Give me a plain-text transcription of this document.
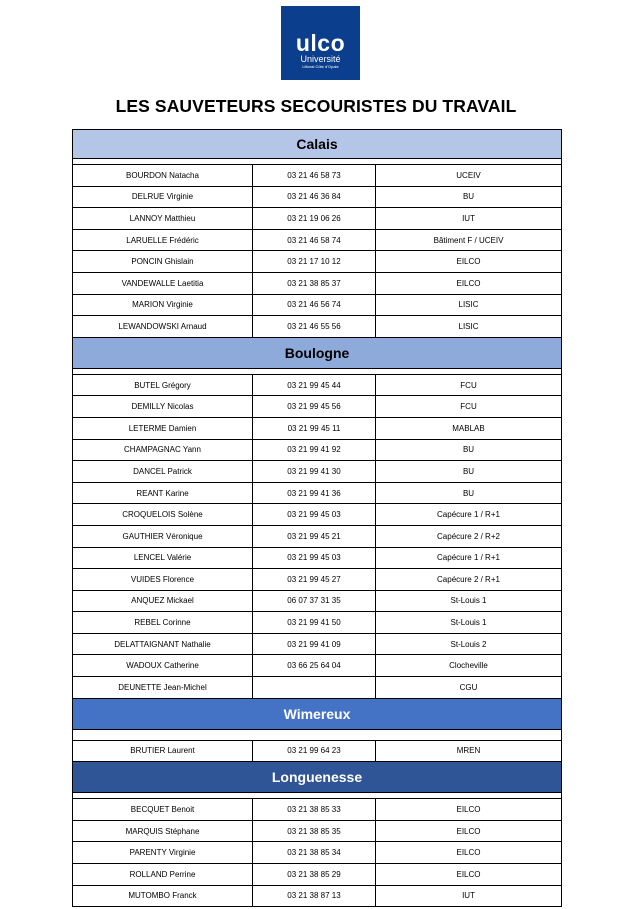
ulco
Université
Littoral Côte d'Opale
LES SAUVETEURS SECOURISTES DU TRAVAIL
Calais		

BOURDON Natacha	03 21 46 58 73	UCEIV
DELRUE Virginie	03 21 46 36 84	BU
LANNOY Matthieu	03 21 19 06 26	IUT
LARUELLE Frédéric	03 21 46 58 74	Bâtiment F / UCEIV
PONCIN Ghislain	03 21 17 10 12	EILCO
VANDEWALLE Laetitia	03 21 38 85 37	EILCO
MARION Virginie	03 21 46 56 74	LISIC
LEWANDOWSKI Arnaud	03 21 46 55 56	LISIC
Boulogne		

BUTEL Grégory	03 21 99 45 44	FCU
DEMILLY Nicolas	03 21 99 45 56	FCU
LETERME Damien	03 21 99 45 11	MABLAB
CHAMPAGNAC Yann	03 21 99 41 92	BU
DANCEL Patrick	03 21 99 41 30	BU
REANT Karine	03 21 99 41 36	BU
CROQUELOIS Solène	03 21 99 45 03	Capécure 1 / R+1
GAUTHIER Véronique	03 21 99 45 21	Capécure 2 / R+2
LENCEL Valérie	03 21 99 45 03	Capécure 1 / R+1
VUIDES Florence	03 21 99 45 27	Capécure 2 / R+1
ANQUEZ Mickael	06 07 37 31 35	St-Louis 1
REBEL Corinne	03 21 99 41 50	St-Louis 1
DELATTAIGNANT Nathalie	03 21 99 41 09	St-Louis 2
WADOUX Catherine	03 66 25 64 04	Clocheville
DEUNETTE Jean-Michel		CGU
Wimereux		

BRUTIER Laurent	03 21 99 64 23	MREN
Longuenesse		

BECQUET Benoit	03 21 38 85 33	EILCO
MARQUIS Stéphane	03 21 38 85 35	EILCO
PARENTY Virginie	03 21 38 85 34	EILCO
ROLLAND Perrine	03 21 38 85 29	EILCO
MUTOMBO Franck	03 21 38 87 13	IUT
